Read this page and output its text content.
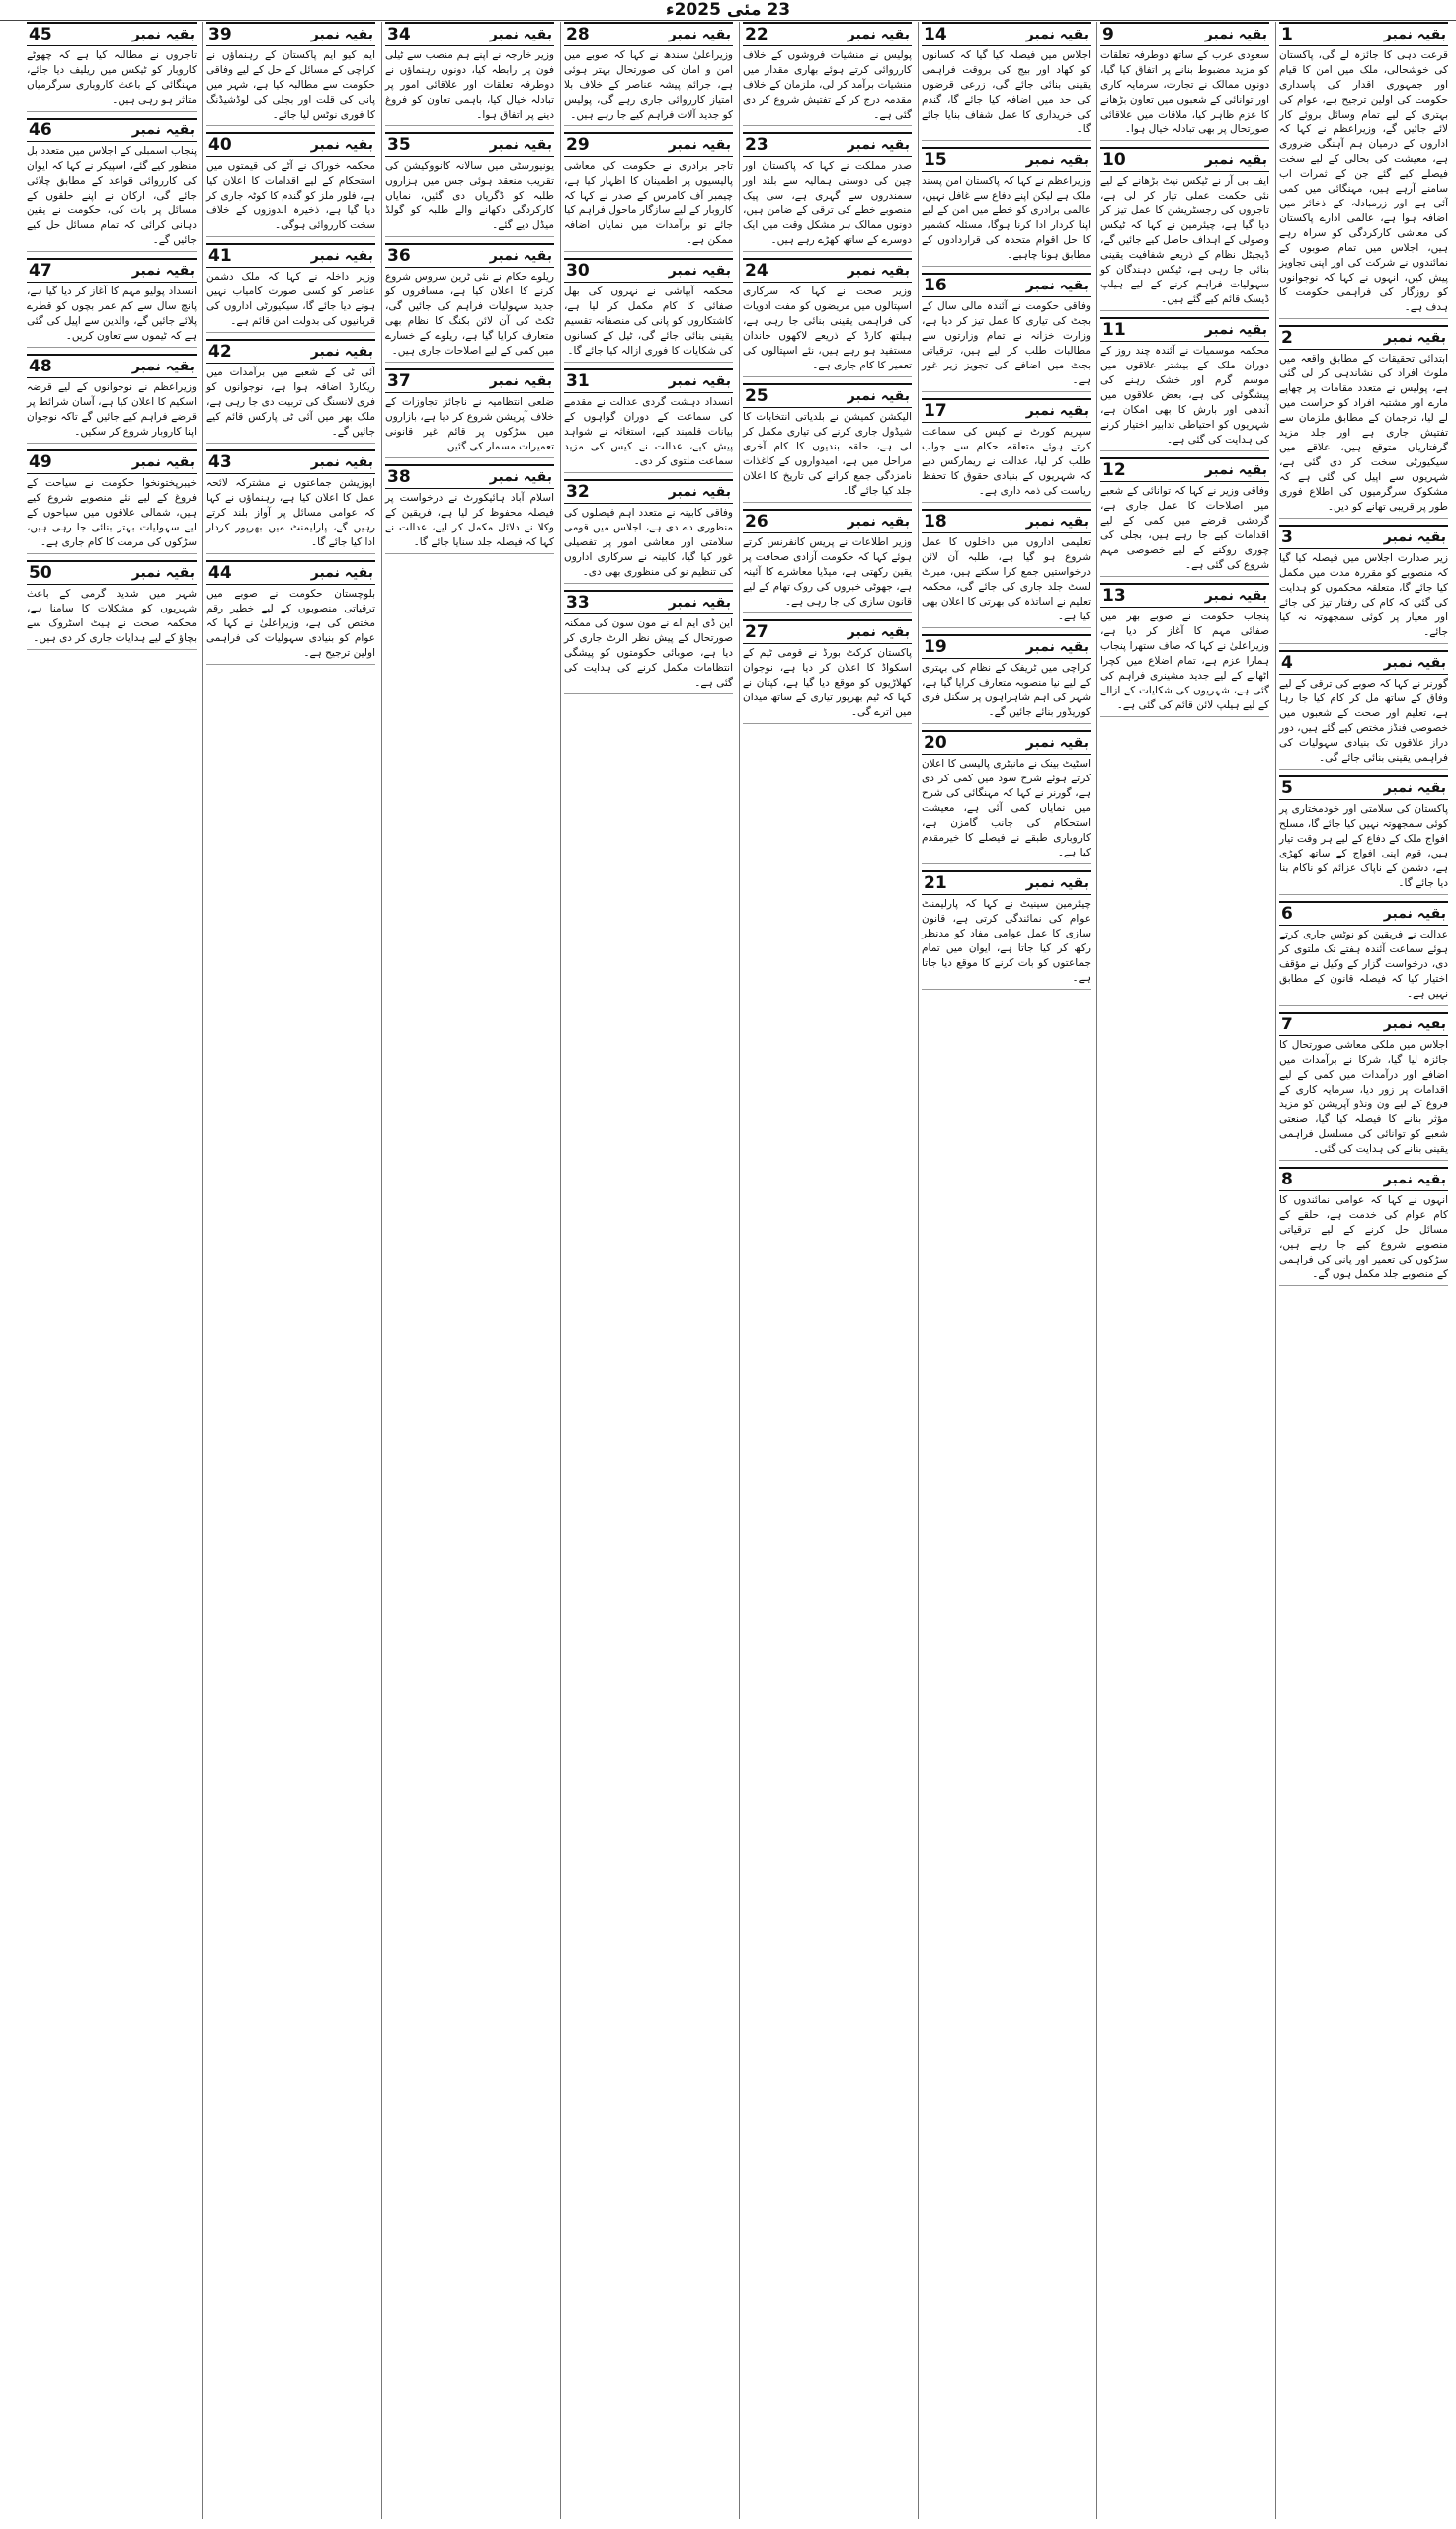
23 مئی 2025ء
بقیہ نمبر
1
قرعت دہی کا جائزہ لے گی، پاکستان کی خوشحالی، ملک میں امن کا قیام اور جمہوری اقدار کی پاسداری حکومت کی اولین ترجیح ہے، عوام کی بہتری کے لیے تمام وسائل بروئے کار لائے جائیں گے، وزیراعظم نے کہا کہ اداروں کے درمیان ہم آہنگی ضروری ہے، معیشت کی بحالی کے لیے سخت فیصلے کیے گئے جن کے ثمرات اب سامنے آرہے ہیں، مہنگائی میں کمی آئی ہے اور زرمبادلہ کے ذخائر میں اضافہ ہوا ہے، عالمی ادارے پاکستان کی معاشی کارکردگی کو سراہ رہے ہیں، اجلاس میں تمام صوبوں کے نمائندوں نے شرکت کی اور اپنی تجاویز پیش کیں، انہوں نے کہا کہ نوجوانوں کو روزگار کی فراہمی حکومت کا ہدف ہے۔
بقیہ نمبر
2
ابتدائی تحقیقات کے مطابق واقعہ میں ملوث افراد کی نشاندہی کر لی گئی ہے، پولیس نے متعدد مقامات پر چھاپے مارے اور مشتبہ افراد کو حراست میں لے لیا، ترجمان کے مطابق ملزمان سے تفتیش جاری ہے اور جلد مزید گرفتاریاں متوقع ہیں، علاقے میں سیکیورٹی سخت کر دی گئی ہے، شہریوں سے اپیل کی گئی ہے کہ مشکوک سرگرمیوں کی اطلاع فوری طور پر قریبی تھانے کو دیں۔
بقیہ نمبر
3
زیر صدارت اجلاس میں فیصلہ کیا گیا کہ منصوبے کو مقررہ مدت میں مکمل کیا جائے گا، متعلقہ محکموں کو ہدایت کی گئی کہ کام کی رفتار تیز کی جائے اور معیار پر کوئی سمجھوتہ نہ کیا جائے۔
بقیہ نمبر
4
گورنر نے کہا کہ صوبے کی ترقی کے لیے وفاق کے ساتھ مل کر کام کیا جا رہا ہے، تعلیم اور صحت کے شعبوں میں خصوصی فنڈز مختص کیے گئے ہیں، دور دراز علاقوں تک بنیادی سہولیات کی فراہمی یقینی بنائی جائے گی۔
بقیہ نمبر
5
پاکستان کی سلامتی اور خودمختاری پر کوئی سمجھوتہ نہیں کیا جائے گا، مسلح افواج ملک کے دفاع کے لیے ہر وقت تیار ہیں، قوم اپنی افواج کے ساتھ کھڑی ہے، دشمن کے ناپاک عزائم کو ناکام بنا دیا جائے گا۔
بقیہ نمبر
6
عدالت نے فریقین کو نوٹس جاری کرتے ہوئے سماعت آئندہ ہفتے تک ملتوی کر دی، درخواست گزار کے وکیل نے مؤقف اختیار کیا کہ فیصلہ قانون کے مطابق نہیں ہے۔
بقیہ نمبر
7
اجلاس میں ملکی معاشی صورتحال کا جائزہ لیا گیا، شرکا نے برآمدات میں اضافے اور درآمدات میں کمی کے لیے اقدامات پر زور دیا، سرمایہ کاری کے فروغ کے لیے ون ونڈو آپریشن کو مزید مؤثر بنانے کا فیصلہ کیا گیا، صنعتی شعبے کو توانائی کی مسلسل فراہمی یقینی بنانے کی ہدایت کی گئی۔
بقیہ نمبر
8
انہوں نے کہا کہ عوامی نمائندوں کا کام عوام کی خدمت ہے، حلقے کے مسائل حل کرنے کے لیے ترقیاتی منصوبے شروع کیے جا رہے ہیں، سڑکوں کی تعمیر اور پانی کی فراہمی کے منصوبے جلد مکمل ہوں گے۔
بقیہ نمبر
9
سعودی عرب کے ساتھ دوطرفہ تعلقات کو مزید مضبوط بنانے پر اتفاق کیا گیا، دونوں ممالک نے تجارت، سرمایہ کاری اور توانائی کے شعبوں میں تعاون بڑھانے کا عزم ظاہر کیا، ملاقات میں علاقائی صورتحال پر بھی تبادلہ خیال ہوا۔
بقیہ نمبر
10
ایف بی آر نے ٹیکس نیٹ بڑھانے کے لیے نئی حکمت عملی تیار کر لی ہے، تاجروں کی رجسٹریشن کا عمل تیز کر دیا گیا ہے، چیئرمین نے کہا کہ ٹیکس وصولی کے اہداف حاصل کیے جائیں گے، ڈیجیٹل نظام کے ذریعے شفافیت یقینی بنائی جا رہی ہے، ٹیکس دہندگان کو سہولیات فراہم کرنے کے لیے ہیلپ ڈیسک قائم کیے گئے ہیں۔
بقیہ نمبر
11
محکمہ موسمیات نے آئندہ چند روز کے دوران ملک کے بیشتر علاقوں میں موسم گرم اور خشک رہنے کی پیشگوئی کی ہے، بعض علاقوں میں آندھی اور بارش کا بھی امکان ہے، شہریوں کو احتیاطی تدابیر اختیار کرنے کی ہدایت کی گئی ہے۔
بقیہ نمبر
12
وفاقی وزیر نے کہا کہ توانائی کے شعبے میں اصلاحات کا عمل جاری ہے، گردشی قرضے میں کمی کے لیے اقدامات کیے جا رہے ہیں، بجلی کی چوری روکنے کے لیے خصوصی مہم شروع کی گئی ہے۔
بقیہ نمبر
13
پنجاب حکومت نے صوبے بھر میں صفائی مہم کا آغاز کر دیا ہے، وزیراعلیٰ نے کہا کہ صاف ستھرا پنجاب ہمارا عزم ہے، تمام اضلاع میں کچرا اٹھانے کے لیے جدید مشینری فراہم کی گئی ہے، شہریوں کی شکایات کے ازالے کے لیے ہیلپ لائن قائم کی گئی ہے۔
بقیہ نمبر
14
اجلاس میں فیصلہ کیا گیا کہ کسانوں کو کھاد اور بیج کی بروقت فراہمی یقینی بنائی جائے گی، زرعی قرضوں کی حد میں اضافہ کیا جائے گا، گندم کی خریداری کا عمل شفاف بنایا جائے گا۔
بقیہ نمبر
15
وزیراعظم نے کہا کہ پاکستان امن پسند ملک ہے لیکن اپنے دفاع سے غافل نہیں، عالمی برادری کو خطے میں امن کے لیے اپنا کردار ادا کرنا ہوگا، مسئلہ کشمیر کا حل اقوام متحدہ کی قراردادوں کے مطابق ہونا چاہیے۔
بقیہ نمبر
16
وفاقی حکومت نے آئندہ مالی سال کے بجٹ کی تیاری کا عمل تیز کر دیا ہے، وزارت خزانہ نے تمام وزارتوں سے مطالبات طلب کر لیے ہیں، ترقیاتی بجٹ میں اضافے کی تجویز زیر غور ہے۔
بقیہ نمبر
17
سپریم کورٹ نے کیس کی سماعت کرتے ہوئے متعلقہ حکام سے جواب طلب کر لیا، عدالت نے ریمارکس دیے کہ شہریوں کے بنیادی حقوق کا تحفظ ریاست کی ذمہ داری ہے۔
بقیہ نمبر
18
تعلیمی اداروں میں داخلوں کا عمل شروع ہو گیا ہے، طلبہ آن لائن درخواستیں جمع کرا سکتے ہیں، میرٹ لسٹ جلد جاری کی جائے گی، محکمہ تعلیم نے اساتذہ کی بھرتی کا اعلان بھی کیا ہے۔
بقیہ نمبر
19
کراچی میں ٹریفک کے نظام کی بہتری کے لیے نیا منصوبہ متعارف کرایا گیا ہے، شہر کی اہم شاہراہوں پر سگنل فری کوریڈور بنائے جائیں گے۔
بقیہ نمبر
20
اسٹیٹ بینک نے مانیٹری پالیسی کا اعلان کرتے ہوئے شرح سود میں کمی کر دی ہے، گورنر نے کہا کہ مہنگائی کی شرح میں نمایاں کمی آئی ہے، معیشت استحکام کی جانب گامزن ہے، کاروباری طبقے نے فیصلے کا خیرمقدم کیا ہے۔
بقیہ نمبر
21
چیئرمین سینیٹ نے کہا کہ پارلیمنٹ عوام کی نمائندگی کرتی ہے، قانون سازی کا عمل عوامی مفاد کو مدنظر رکھ کر کیا جاتا ہے، ایوان میں تمام جماعتوں کو بات کرنے کا موقع دیا جاتا ہے۔
بقیہ نمبر
22
پولیس نے منشیات فروشوں کے خلاف کارروائی کرتے ہوئے بھاری مقدار میں منشیات برآمد کر لی، ملزمان کے خلاف مقدمہ درج کر کے تفتیش شروع کر دی گئی ہے۔
بقیہ نمبر
23
صدر مملکت نے کہا کہ پاکستان اور چین کی دوستی ہمالیہ سے بلند اور سمندروں سے گہری ہے، سی پیک منصوبے خطے کی ترقی کے ضامن ہیں، دونوں ممالک ہر مشکل وقت میں ایک دوسرے کے ساتھ کھڑے رہے ہیں۔
بقیہ نمبر
24
وزیر صحت نے کہا کہ سرکاری اسپتالوں میں مریضوں کو مفت ادویات کی فراہمی یقینی بنائی جا رہی ہے، ہیلتھ کارڈ کے ذریعے لاکھوں خاندان مستفید ہو رہے ہیں، نئے اسپتالوں کی تعمیر کا کام جاری ہے۔
بقیہ نمبر
25
الیکشن کمیشن نے بلدیاتی انتخابات کا شیڈول جاری کرنے کی تیاری مکمل کر لی ہے، حلقہ بندیوں کا کام آخری مراحل میں ہے، امیدواروں کے کاغذات نامزدگی جمع کرانے کی تاریخ کا اعلان جلد کیا جائے گا۔
بقیہ نمبر
26
وزیر اطلاعات نے پریس کانفرنس کرتے ہوئے کہا کہ حکومت آزادی صحافت پر یقین رکھتی ہے، میڈیا معاشرے کا آئینہ ہے، جھوٹی خبروں کی روک تھام کے لیے قانون سازی کی جا رہی ہے۔
بقیہ نمبر
27
پاکستان کرکٹ بورڈ نے قومی ٹیم کے اسکواڈ کا اعلان کر دیا ہے، نوجوان کھلاڑیوں کو موقع دیا گیا ہے، کپتان نے کہا کہ ٹیم بھرپور تیاری کے ساتھ میدان میں اترے گی۔
بقیہ نمبر
28
وزیراعلیٰ سندھ نے کہا کہ صوبے میں امن و امان کی صورتحال بہتر ہوئی ہے، جرائم پیشہ عناصر کے خلاف بلا امتیاز کارروائی جاری رہے گی، پولیس کو جدید آلات فراہم کیے جا رہے ہیں۔
بقیہ نمبر
29
تاجر برادری نے حکومت کی معاشی پالیسیوں پر اطمینان کا اظہار کیا ہے، چیمبر آف کامرس کے صدر نے کہا کہ کاروبار کے لیے سازگار ماحول فراہم کیا جائے تو برآمدات میں نمایاں اضافہ ممکن ہے۔
بقیہ نمبر
30
محکمہ آبپاشی نے نہروں کی بھل صفائی کا کام مکمل کر لیا ہے، کاشتکاروں کو پانی کی منصفانہ تقسیم یقینی بنائی جائے گی، ٹیل کے کسانوں کی شکایات کا فوری ازالہ کیا جائے گا۔
بقیہ نمبر
31
انسداد دہشت گردی عدالت نے مقدمے کی سماعت کے دوران گواہوں کے بیانات قلمبند کیے، استغاثہ نے شواہد پیش کیے، عدالت نے کیس کی مزید سماعت ملتوی کر دی۔
بقیہ نمبر
32
وفاقی کابینہ نے متعدد اہم فیصلوں کی منظوری دے دی ہے، اجلاس میں قومی سلامتی اور معاشی امور پر تفصیلی غور کیا گیا، کابینہ نے سرکاری اداروں کی تنظیم نو کی منظوری بھی دی۔
بقیہ نمبر
33
این ڈی ایم اے نے مون سون کی ممکنہ صورتحال کے پیش نظر الرٹ جاری کر دیا ہے، صوبائی حکومتوں کو پیشگی انتظامات مکمل کرنے کی ہدایت کی گئی ہے۔
بقیہ نمبر
34
وزیر خارجہ نے اپنے ہم منصب سے ٹیلی فون پر رابطہ کیا، دونوں رہنماؤں نے دوطرفہ تعلقات اور علاقائی امور پر تبادلہ خیال کیا، باہمی تعاون کو فروغ دینے پر اتفاق ہوا۔
بقیہ نمبر
35
یونیورسٹی میں سالانہ کانووکیشن کی تقریب منعقد ہوئی جس میں ہزاروں طلبہ کو ڈگریاں دی گئیں، نمایاں کارکردگی دکھانے والے طلبہ کو گولڈ میڈل دیے گئے۔
بقیہ نمبر
36
ریلوے حکام نے نئی ٹرین سروس شروع کرنے کا اعلان کیا ہے، مسافروں کو جدید سہولیات فراہم کی جائیں گی، ٹکٹ کی آن لائن بکنگ کا نظام بھی متعارف کرایا گیا ہے، ریلوے کے خسارے میں کمی کے لیے اصلاحات جاری ہیں۔
بقیہ نمبر
37
ضلعی انتظامیہ نے ناجائز تجاوزات کے خلاف آپریشن شروع کر دیا ہے، بازاروں میں سڑکوں پر قائم غیر قانونی تعمیرات مسمار کی گئیں۔
بقیہ نمبر
38
اسلام آباد ہائیکورٹ نے درخواست پر فیصلہ محفوظ کر لیا ہے، فریقین کے وکلا نے دلائل مکمل کر لیے، عدالت نے کہا کہ فیصلہ جلد سنایا جائے گا۔
بقیہ نمبر
39
ایم کیو ایم پاکستان کے رہنماؤں نے کراچی کے مسائل کے حل کے لیے وفاقی حکومت سے مطالبہ کیا ہے، شہر میں پانی کی قلت اور بجلی کی لوڈشیڈنگ کا فوری نوٹس لیا جائے۔
بقیہ نمبر
40
محکمہ خوراک نے آٹے کی قیمتوں میں استحکام کے لیے اقدامات کا اعلان کیا ہے، فلور ملز کو گندم کا کوٹہ جاری کر دیا گیا ہے، ذخیرہ اندوزوں کے خلاف سخت کارروائی ہوگی۔
بقیہ نمبر
41
وزیر داخلہ نے کہا کہ ملک دشمن عناصر کو کسی صورت کامیاب نہیں ہونے دیا جائے گا، سیکیورٹی اداروں کی قربانیوں کی بدولت امن قائم ہے۔
بقیہ نمبر
42
آئی ٹی کے شعبے میں برآمدات میں ریکارڈ اضافہ ہوا ہے، نوجوانوں کو فری لانسنگ کی تربیت دی جا رہی ہے، ملک بھر میں آئی ٹی پارکس قائم کیے جائیں گے۔
بقیہ نمبر
43
اپوزیشن جماعتوں نے مشترکہ لائحہ عمل کا اعلان کیا ہے، رہنماؤں نے کہا کہ عوامی مسائل پر آواز بلند کرتے رہیں گے، پارلیمنٹ میں بھرپور کردار ادا کیا جائے گا۔
بقیہ نمبر
44
بلوچستان حکومت نے صوبے میں ترقیاتی منصوبوں کے لیے خطیر رقم مختص کی ہے، وزیراعلیٰ نے کہا کہ عوام کو بنیادی سہولیات کی فراہمی اولین ترجیح ہے۔
بقیہ نمبر
45
تاجروں نے مطالبہ کیا ہے کہ چھوٹے کاروبار کو ٹیکس میں ریلیف دیا جائے، مہنگائی کے باعث کاروباری سرگرمیاں متاثر ہو رہی ہیں۔
بقیہ نمبر
46
پنجاب اسمبلی کے اجلاس میں متعدد بل منظور کیے گئے، اسپیکر نے کہا کہ ایوان کی کارروائی قواعد کے مطابق چلائی جائے گی، ارکان نے اپنے حلقوں کے مسائل پر بات کی، حکومت نے یقین دہانی کرائی کہ تمام مسائل حل کیے جائیں گے۔
بقیہ نمبر
47
انسداد پولیو مہم کا آغاز کر دیا گیا ہے، پانچ سال سے کم عمر بچوں کو قطرے پلائے جائیں گے، والدین سے اپیل کی گئی ہے کہ ٹیموں سے تعاون کریں۔
بقیہ نمبر
48
وزیراعظم نے نوجوانوں کے لیے قرضہ اسکیم کا اعلان کیا ہے، آسان شرائط پر قرضے فراہم کیے جائیں گے تاکہ نوجوان اپنا کاروبار شروع کر سکیں۔
بقیہ نمبر
49
خیبرپختونخوا حکومت نے سیاحت کے فروغ کے لیے نئے منصوبے شروع کیے ہیں، شمالی علاقوں میں سیاحوں کے لیے سہولیات بہتر بنائی جا رہی ہیں، سڑکوں کی مرمت کا کام جاری ہے۔
بقیہ نمبر
50
شہر میں شدید گرمی کے باعث شہریوں کو مشکلات کا سامنا ہے، محکمہ صحت نے ہیٹ اسٹروک سے بچاؤ کے لیے ہدایات جاری کر دی ہیں۔
